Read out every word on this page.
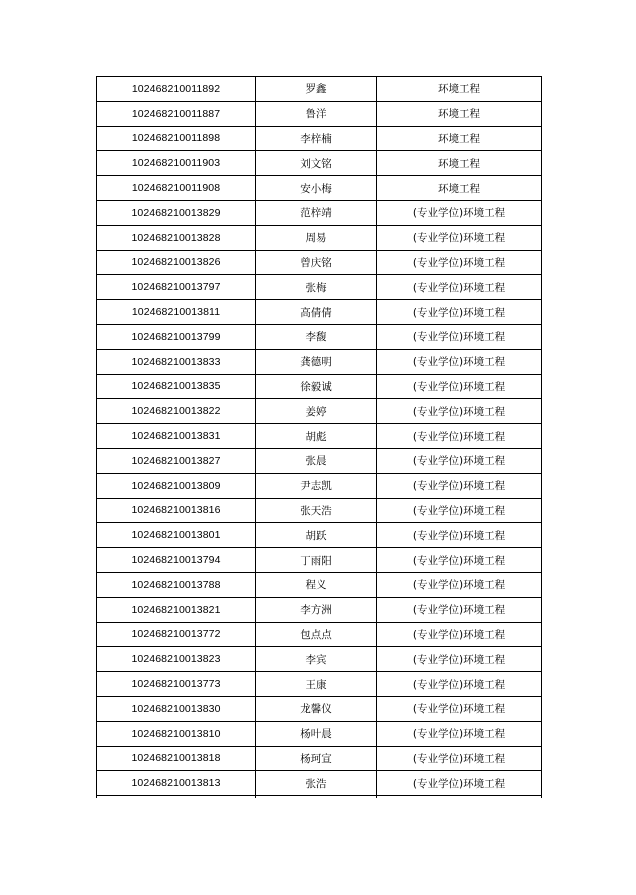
102468210011892	罗鑫	环境工程
102468210011887	鲁洋	环境工程
102468210011898	李梓楠	环境工程
102468210011903	刘文铭	环境工程
102468210011908	安小梅	环境工程
102468210013829	范梓靖	(专业学位)环境工程
102468210013828	周易	(专业学位)环境工程
102468210013826	曾庆铭	(专业学位)环境工程
102468210013797	张梅	(专业学位)环境工程
102468210013811	高倩倩	(专业学位)环境工程
102468210013799	李馥	(专业学位)环境工程
102468210013833	龚德明	(专业学位)环境工程
102468210013835	徐毅诚	(专业学位)环境工程
102468210013822	姜婷	(专业学位)环境工程
102468210013831	胡彪	(专业学位)环境工程
102468210013827	张晨	(专业学位)环境工程
102468210013809	尹志凯	(专业学位)环境工程
102468210013816	张天浩	(专业学位)环境工程
102468210013801	胡跃	(专业学位)环境工程
102468210013794	丁雨阳	(专业学位)环境工程
102468210013788	程义	(专业学位)环境工程
102468210013821	李方洲	(专业学位)环境工程
102468210013772	包点点	(专业学位)环境工程
102468210013823	李宾	(专业学位)环境工程
102468210013773	王康	(专业学位)环境工程
102468210013830	龙馨仪	(专业学位)环境工程
102468210013810	杨叶晨	(专业学位)环境工程
102468210013818	杨珂宣	(专业学位)环境工程
102468210013813	张浩	(专业学位)环境工程
